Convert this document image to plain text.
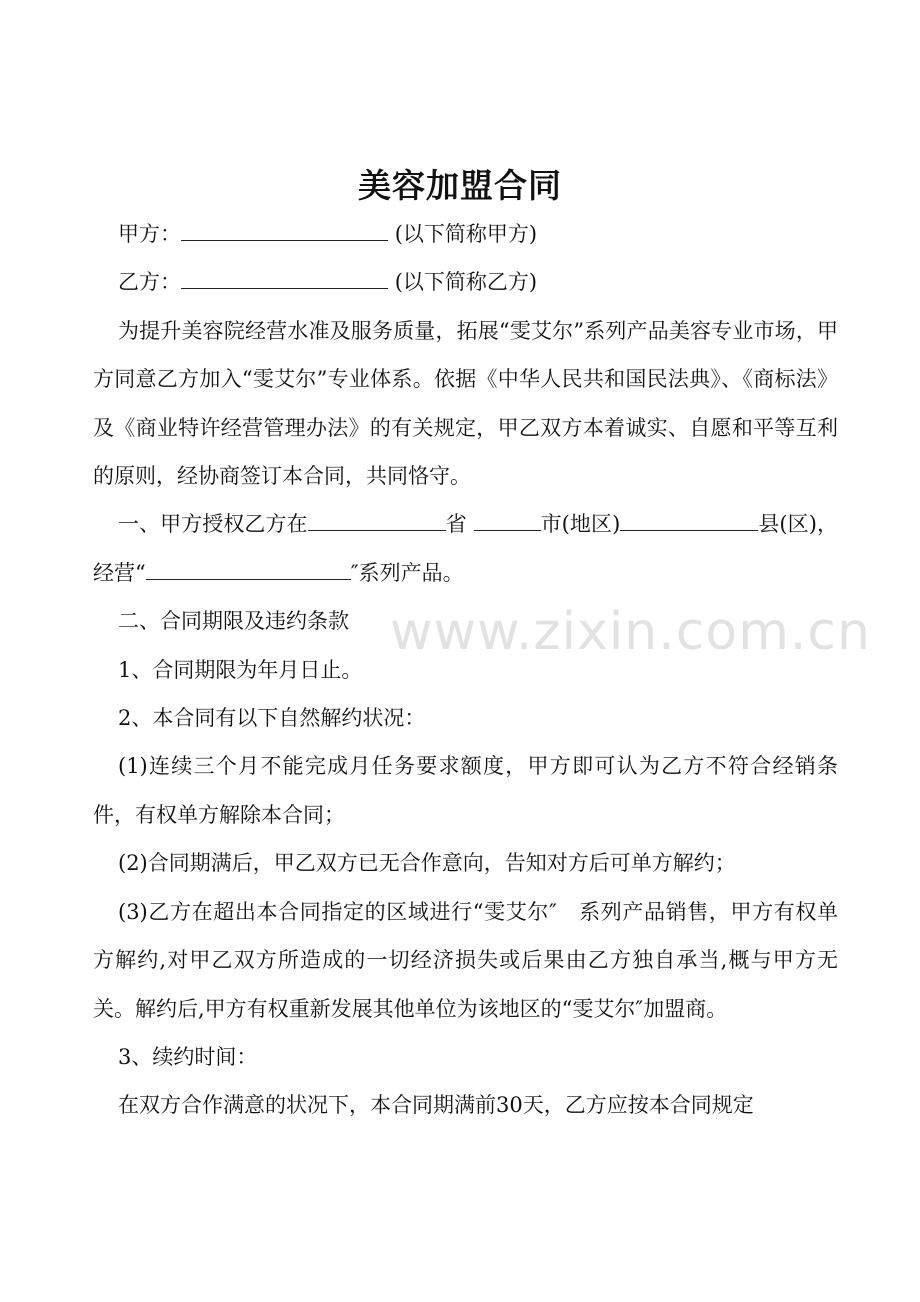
美容加盟合同

甲方：	(以下简称甲方)

乙方：	(以下简称乙方)

为提升美容院经营水准及服务质量，拓展“雯艾尔”系列产品美容专业市场，甲方同意乙方加入“雯艾尔”专业体系。依据《中华人民共和国民法典》、《商标法》及《商业特许经营管理办法》的有关规定，甲乙双方本着诚实、自愿和平等互利的原则，经协商签订本合同，共同恪守。

一、甲方授权乙方在	省	市(地区)	县(区)，经营“	″系列产品。

二、合同期限及违约条款

1、合同期限为年月日止。

2、本合同有以下自然解约状况：

(1)连续三个月不能完成月任务要求额度，甲方即可认为乙方不符合经销条件，有权单方解除本合同；

(2)合同期满后，甲乙双方已无合作意向，告知对方后可单方解约；

(3)乙方在超出本合同指定的区域进行“雯艾尔″　系列产品销售，甲方有权单方解约,对甲乙双方所造成的一切经济损失或后果由乙方独自承当,概与甲方无关。解约后,甲方有权重新发展其他单位为该地区的“雯艾尔″加盟商。

3、续约时间：

在双方合作满意的状况下，本合同期满前30天，乙方应按本合同规定

www.zixin.com.cn
